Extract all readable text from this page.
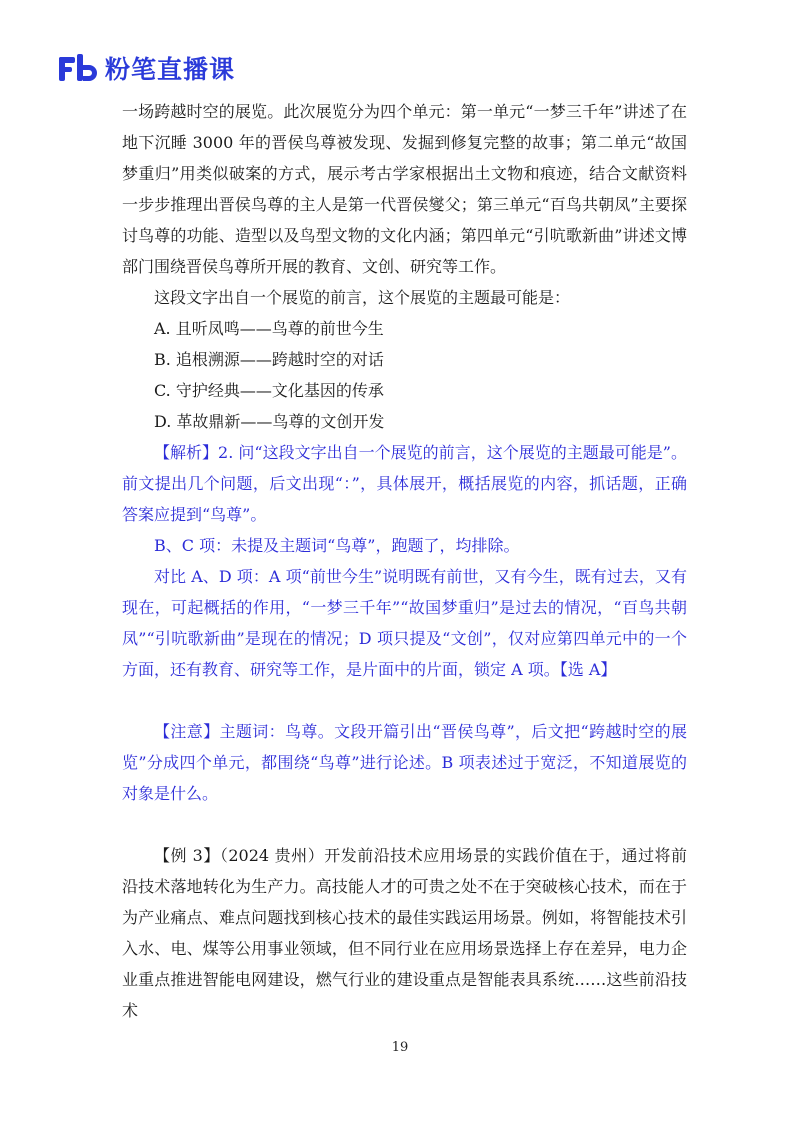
粉笔直播课

一场跨越时空的展览。此次展览分为四个单元：第一单元“一梦三千年”讲述了在地下沉睡 3000 年的晋侯鸟尊被发现、发掘到修复完整的故事；第二单元“故国梦重归”用类似破案的方式，展示考古学家根据出土文物和痕迹，结合文献资料一步步推理出晋侯鸟尊的主人是第一代晋侯燮父；第三单元“百鸟共朝凤”主要探讨鸟尊的功能、造型以及鸟型文物的文化内涵；第四单元“引吭歌新曲”讲述文博部门围绕晋侯鸟尊所开展的教育、文创、研究等工作。

这段文字出自一个展览的前言，这个展览的主题最可能是：

A. 且听凤鸣——鸟尊的前世今生

B. 追根溯源——跨越时空的对话

C. 守护经典——文化基因的传承

D. 革故鼎新——鸟尊的文创开发

【解析】2. 问“这段文字出自一个展览的前言，这个展览的主题最可能是”。前文提出几个问题，后文出现“：”，具体展开，概括展览的内容，抓话题，正确答案应提到“鸟尊”。

B、C 项：未提及主题词“鸟尊”，跑题了，均排除。

对比 A、D 项：A 项“前世今生”说明既有前世，又有今生，既有过去，又有现在，可起概括的作用，“一梦三千年”“故国梦重归”是过去的情况，“百鸟共朝凤”“引吭歌新曲”是现在的情况；D 项只提及“文创”，仅对应第四单元中的一个方面，还有教育、研究等工作，是片面中的片面，锁定 A 项。【选 A】

【注意】主题词：鸟尊。文段开篇引出“晋侯鸟尊”，后文把“跨越时空的展览”分成四个单元，都围绕“鸟尊”进行论述。B 项表述过于宽泛，不知道展览的对象是什么。

【例 3】（2024 贵州）开发前沿技术应用场景的实践价值在于，通过将前沿技术落地转化为生产力。高技能人才的可贵之处不在于突破核心技术，而在于为产业痛点、难点问题找到核心技术的最佳实践运用场景。例如，将智能技术引入水、电、煤等公用事业领域，但不同行业在应用场景选择上存在差异，电力企业重点推进智能电网建设，燃气行业的建设重点是智能表具系统……这些前沿技术

19
